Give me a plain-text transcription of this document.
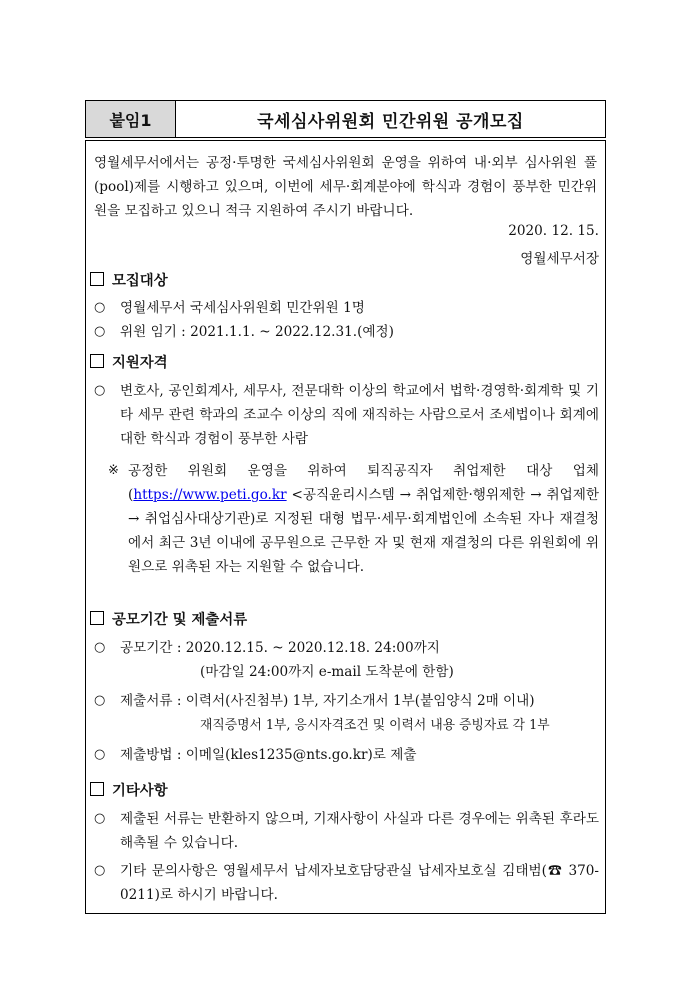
붙임1	국세심사위원회 민간위원 공개모집
영월세무서에서는 공정·투명한 국세심사위원회 운영을 위하여 내·외부 심사위원 풀(pool)제를 시행하고 있으며, 이번에 세무·회계분야에 학식과 경험이 풍부한 민간위원을 모집하고 있으니 적극 지원하여 주시기 바랍니다.
2020. 12. 15.
영월세무서장
모집대상
○ 영월세무서 국세심사위원회 민간위원 1명
○ 위원 임기 : 2021.1.1. ~ 2022.12.31.(예정)
지원자격
○ 변호사, 공인회계사, 세무사, 전문대학 이상의 학교에서 법학·경영학·회계학 및 기타 세무 관련 학과의 조교수 이상의 직에 재직하는 사람으로서 조세법이나 회계에 대한 학식과 경험이 풍부한 사람
※ 공정한 위원회 운영을 위하여 퇴직공직자 취업제한 대상 업체 (https://www.peti.go.kr <공직윤리시스템 → 취업제한·행위제한 → 취업제한 → 취업심사대상기관)로 지정된 대형 법무·세무·회계법인에 소속된 자나 재결청에서 최근 3년 이내에 공무원으로 근무한 자 및 현재 재결청의 다른 위원회에 위원으로 위촉된 자는 지원할 수 없습니다.
공모기간 및 제출서류
○ 공모기간 : 2020.12.15. ~ 2020.12.18. 24:00까지
(마감일 24:00까지 e-mail 도착분에 한함)
○ 제출서류 : 이력서(사진첨부) 1부, 자기소개서 1부(붙임양식 2매 이내)
재직증명서 1부, 응시자격조건 및 이력서 내용 증빙자료 각 1부
○ 제출방법 : 이메일(kles1235@nts.go.kr)로 제출
기타사항
○ 제출된 서류는 반환하지 않으며, 기재사항이 사실과 다른 경우에는 위촉된 후라도 해촉될 수 있습니다.
○ 기타 문의사항은 영월세무서 납세자보호담당관실 납세자보호실 김태범(☎ 370-0211)로 하시기 바랍니다.
